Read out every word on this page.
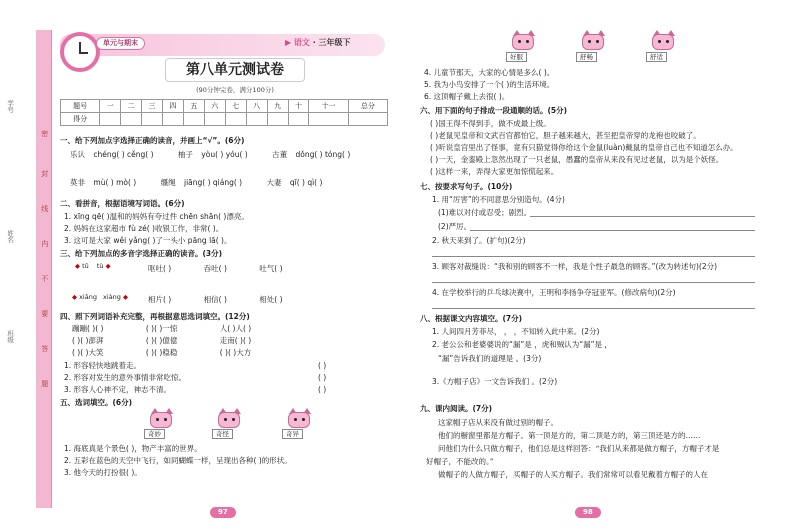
学号
姓名
班级
密
封
线
内
不
要
答
题
单元与期末	▶ 语文 · 三年级下
第八单元测试卷
(90分钟完卷，满分100分)
题号	一	二	三	四	五	六	七	八	九	十	十一	总分
得分												
一、给下列加点字选择正确的读音，并画上“√”。(6分)
乐认 chéng( ) cěng( )	柚子 yòu( ) yóu( )	古董 dǒng( ) tóng( )
莫非 mù( ) mò( )	缰绳 jiāng( ) qiáng( )	大妻 qī( ) qì( )
二、看拼音，根据语境写词语。(6分)
1. xīng qē( )温和的妈妈有夸过件 chēn shān( )漂亮。
2. 妈妈在这家超市 fù zé( )收银工作，非常( )。
3. 这可是大家 wěi yǎng( )了一头小 pāng lā( )。
三、给下列加点的多音字选择正确的读音。(3分)
◆ tǔ tù ◆	呕吐( )	吞吐( )	吐气( )
◆ xiāng xiàng ◆	相片( )	相信( )	相处( )
四、照下列词语补充完整，再根据意思选词填空。(12分)
蹦蹦( )( )	( )( )一惊	人( )人( )
( )( )澎湃	( )( )億億	走南( )( )
( )( )大笑	( )( )稳稳	( )( )大方
1. 形容轻快地跳着走。
2. 形容对发生的意外事情非常吃惊。
3. 形容人心神不定，神志不清。
( )
( )
( )
五、选词填空。(6分)
奇妙	奇怪	奇异
1. 海底真是个景色( )，物产丰富的世界。
2. 五彩在蓝色的天空中飞行，如同蝴蝶一样，呈现出各种( )的形状。
3. 他今天的打扮很( )。
97
好服	舒畅	舒适
4. 儿童节那天，大家的心情是多么( )。
5. 我为小鸟安排了一个( )的生活环境。
6. 这顶帽子戴上去很( )。
六、用下面的句子排成一段通顺的话。(5分)
( )国王得不得到手，做不成最上级。
( )老鼠见皇帝和文武百官都怕它，胆子越来越大，甚至把皇帝穿的龙袍也咬破了。
( )听说皇宫里出了怪事，竟有只猫觉得你给这个金鼠(luàn)戴鼠的皇帝自己也不知道怎么办。
( )一天，金銮殿上忽然出现了一只老鼠，愚蠢的皇帝从来没有见过老鼠，以为是个妖怪。
( )这样一来，弄得大家更加惊慌起来。
七、按要求写句子。(10分)
1. 用“厉害”的不同意思分别造句。(4分)
(1)难以对付或忍受；剧烈。
(2)严厉。
2. 秋天来到了。(扩句)(2分)
3. 顾客对裁缝说：“我和别的顾客不一样，我是个性子最急的顾客。”(改为转述句)(2分)
4. 在学校举行的乒乓球决赛中，王明和李扬争夺冠亚军。(修改病句)(2分)
八、根据课文内容填空。(7分)
1. 人间四月芳菲尽， ， ，不知转入此中来。(2分)
2. 老公公和老婆婆说的“漏”是 ，虎和贼认为“漏”是 ，
“漏”告诉我们的道理是 。(3分)
3.《方帽子店》一文告诉我们 。(2分)
九、课内阅读。(7分)
这家帽子店从来没有做过别的帽子。
他们的橱窗里都是方帽子。第一顶是方的，第二顶是方的，第三顶还是方的……
问他们为什么只做方帽子，他们总是这样回答：“我们从来都是做方帽子，方帽子才是
好帽子，不能改的。”
做帽子的人做方帽子，买帽子的人买方帽子。我们常常可以看见戴着方帽子的人在
98
